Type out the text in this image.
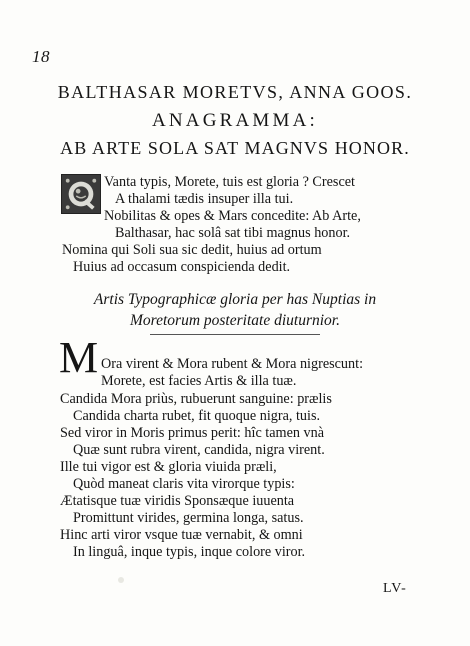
18
BALTHASAR MORETVS, ANNA GOOS.
ANAGRAMMA:
AB ARTE SOLA SAT MAGNVS HONOR.
Vanta typis, Morete, tuis est gloria ? Crescet
A thalami tædis insuper illa tui.
Nobilitas & opes & Mars concedite: Ab Arte,
Balthasar, hac solâ sat tibi magnus honor.
Nomina qui Soli sua sic dedit, huius ad ortum
Huius ad occasum conspicienda dedit.
Artis Typographicæ gloria per has Nuptias in
Moretorum posteritate diuturnior.
M Ora virent & Mora rubent & Mora nigrescunt:
Morete, est facies Artis & illa tuæ.
Candida Mora priùs, rubuerunt sanguine: prælis
Candida charta rubet, fit quoque nigra, tuis.
Sed viror in Moris primus perit: hîc tamen vnà
Quæ sunt rubra virent, candida, nigra virent.
Ille tui vigor est & gloria viuida præli,
Quòd maneat claris vita virorque typis:
Ætatisque tuæ viridis Sponsæque iuuenta
Promittunt virides, germina longa, satus.
Hinc arti viror vsque tuæ vernabit, & omni
In linguâ, inque typis, inque colore viror.
LV-
